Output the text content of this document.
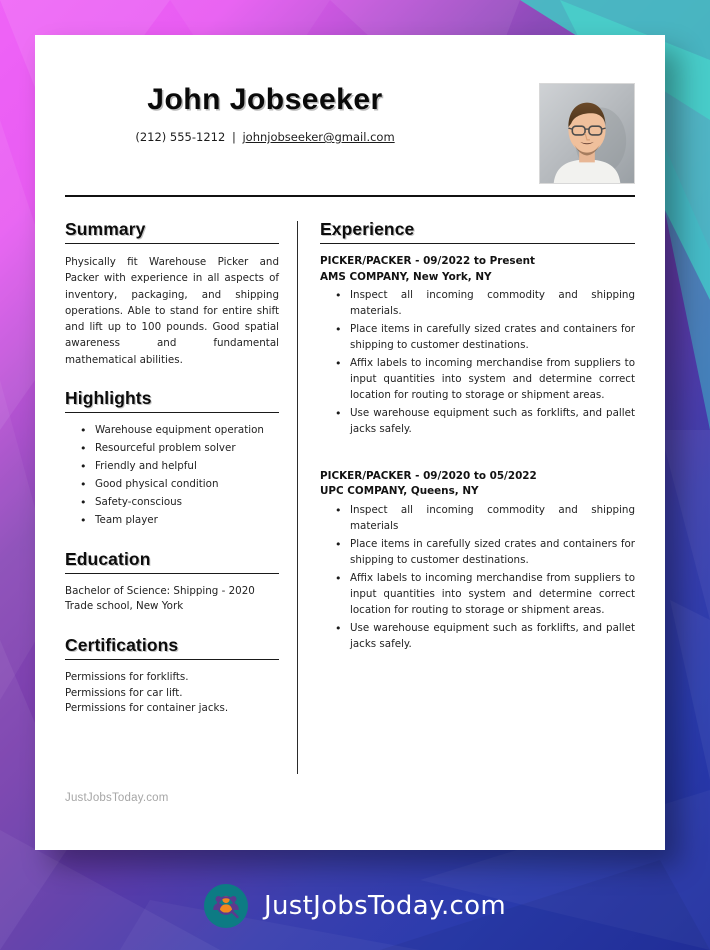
John Jobseeker
(212) 555-1212 | johnjobseeker@gmail.com
Summary

Physically fit Warehouse Picker and Packer with experience in all aspects of inventory, packaging, and shipping operations. Able to stand for entire shift and lift up to 100 pounds. Good spatial awareness and fundamental mathematical abilities.

Highlights
• Warehouse equipment operation
• Resourceful problem solver
• Friendly and helpful
• Good physical condition
• Safety-conscious
• Team player
Education
Bachelor of Science: Shipping - 2020
Trade school, New York
Certifications
Permissions for forklifts.
Permissions for car lift.
Permissions for container jacks.
Experience
PICKER/PACKER - 09/2022 to Present
AMS COMPANY, New York, NY
• Inspect all incoming commodity and shipping materials.
• Place items in carefully sized crates and containers for shipping to customer destinations.
• Affix labels to incoming merchandise from suppliers to input quantities into system and determine correct location for routing to storage or shipment areas.
• Use warehouse equipment such as forklifts, and pallet jacks safely.
PICKER/PACKER - 09/2020 to 05/2022
UPC COMPANY, Queens, NY
• Inspect all incoming commodity and shipping materials
• Place items in carefully sized crates and containers for shipping to customer destinations.
• Affix labels to incoming merchandise from suppliers to input quantities into system and determine correct location for routing to storage or shipment areas.
• Use warehouse equipment such as forklifts, and pallet jacks safely.
JustJobsToday.com
JustJobsToday.com
